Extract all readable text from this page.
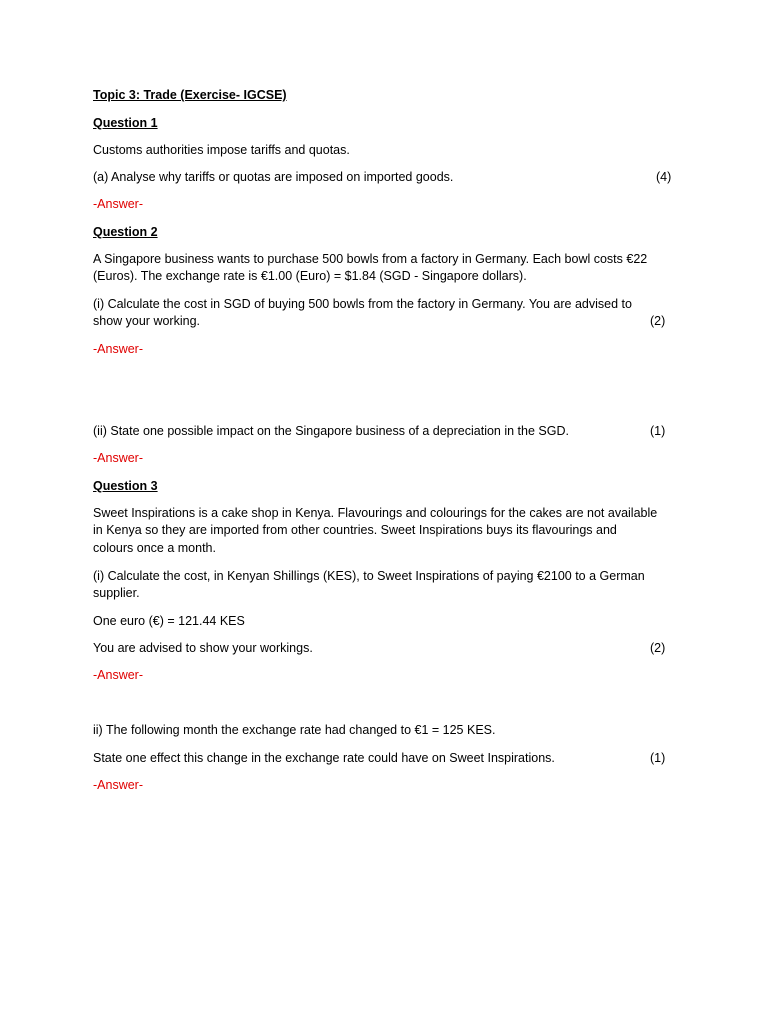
Topic 3: Trade (Exercise- IGCSE)
Question 1
Customs authorities impose tariffs and quotas.
(a) Analyse why tariffs or quotas are imposed on imported goods.	(4)
-Answer-
Question 2
A Singapore business wants to purchase 500 bowls from a factory in Germany. Each bowl costs €22
(Euros). The exchange rate is €1.00 (Euro) = $1.84 (SGD - Singapore dollars).
(i) Calculate the cost in SGD of buying 500 bowls from the factory in Germany. You are advised to
show your working.	(2)
-Answer-
(ii) State one possible impact on the Singapore business of a depreciation in the SGD.	(1)
-Answer-
Question 3
Sweet Inspirations is a cake shop in Kenya. Flavourings and colourings for the cakes are not available
in Kenya so they are imported from other countries. Sweet Inspirations buys its flavourings and
colours once a month.
(i) Calculate the cost, in Kenyan Shillings (KES), to Sweet Inspirations of paying €2100 to a German
supplier.
One euro (€) = 121.44 KES
You are advised to show your workings.	(2)
-Answer-
ii) The following month the exchange rate had changed to €1 = 125 KES.
State one effect this change in the exchange rate could have on Sweet Inspirations.	(1)
-Answer-
